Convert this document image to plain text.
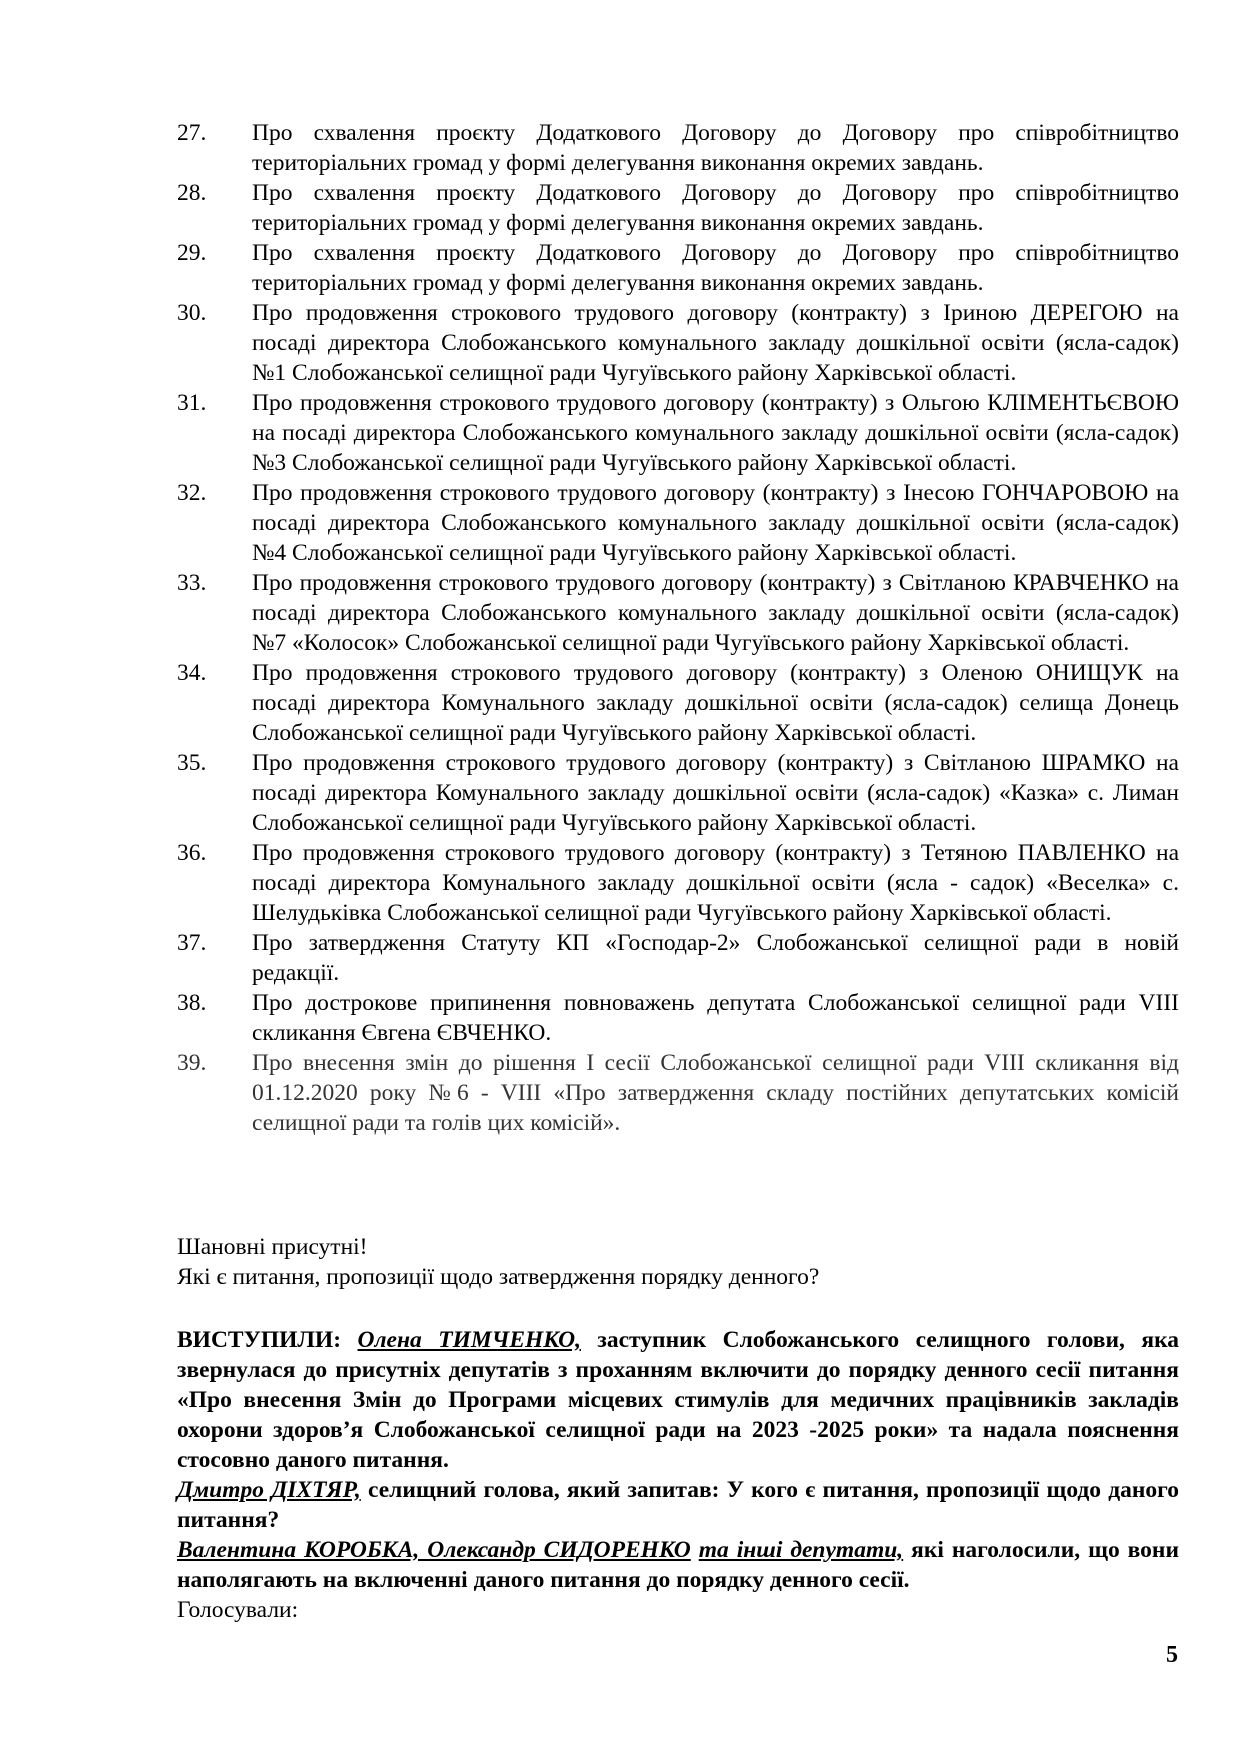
27.	Про схвалення проєкту Додаткового Договору до Договору про співробітництво територіальних громад у формі делегування виконання окремих завдань.
28.	Про схвалення проєкту Додаткового Договору до Договору про співробітництво територіальних громад у формі делегування виконання окремих завдань.
29.	Про схвалення проєкту Додаткового Договору до Договору про співробітництво територіальних громад у формі делегування виконання окремих завдань.
30.	Про продовження строкового трудового договору (контракту) з Іриною ДЕРЕГОЮ на посаді директора Слобожанського комунального закладу дошкільної освіти (ясла-садок) №1 Слобожанської селищної ради Чугуївського району Харківської області.
31.	Про продовження строкового трудового договору (контракту) з Ольгою КЛІМЕНТЬЄВОЮ на посаді директора Слобожанського комунального закладу дошкільної освіти (ясла-садок) №3 Слобожанської селищної ради Чугуївського району Харківської області.
32.	Про продовження строкового трудового договору (контракту) з Інесою ГОНЧАРОВОЮ на посаді директора Слобожанського комунального закладу дошкільної освіти (ясла-садок) №4 Слобожанської селищної ради Чугуївського району Харківської області.
33.	Про продовження строкового трудового договору (контракту) з Світланою КРАВЧЕНКО на посаді директора Слобожанського комунального закладу дошкільної освіти (ясла-садок) №7 «Колосок» Слобожанської селищної ради Чугуївського району Харківської області.
34.	Про продовження строкового трудового договору (контракту) з Оленою ОНИЩУК на посаді директора Комунального закладу дошкільної освіти (ясла-садок) селища Донець Слобожанської селищної ради Чугуївського району Харківської області.
35.	Про продовження строкового трудового договору (контракту) з Світланою ШРАМКО на посаді директора Комунального закладу дошкільної освіти (ясла-садок) «Казка» с. Лиман Слобожанської селищної ради Чугуївського району Харківської області.
36.	Про продовження строкового трудового договору (контракту) з Тетяною ПАВЛЕНКО на посаді директора Комунального закладу дошкільної освіти (ясла - садок) «Веселка» с. Шелудьківка Слобожанської селищної ради Чугуївського району Харківської області.
37.	Про затвердження Статуту КП «Господар-2» Слобожанської селищної ради в новій редакції.
38.	Про дострокове припинення повноважень депутата Слобожанської селищної ради VIII скликання Євгена ЄВЧЕНКО.
39.	Про внесення змін до рішення І сесії Слобожанської селищної ради VIII скликання від 01.12.2020 року №6 - VIII «Про затвердження складу постійних депутатських комісій селищної ради та голів цих комісій».
Шановні присутні!
Які є питання, пропозиції щодо затвердження порядку денного?

ВИСТУПИЛИ: Олена ТИМЧЕНКО, заступник Слобожанського селищного голови, яка звернулася до присутніх депутатів з проханням включити до порядку денного сесії питання «Про внесення Змін до Програми місцевих стимулів для медичних працівників закладів охорони здоров’я Слобожанської селищної ради на 2023 -2025 роки» та надала пояснення стосовно даного питання.

Дмитро ДІХТЯР, селищний голова, який запитав: У кого є питання, пропозиції щодо даного питання?

Валентина КОРОБКА, Олександр СИДОРЕНКО та інші депутати, які наголосили, що вони наполягають на включенні даного питання до порядку денного сесії.

Голосували:

5
